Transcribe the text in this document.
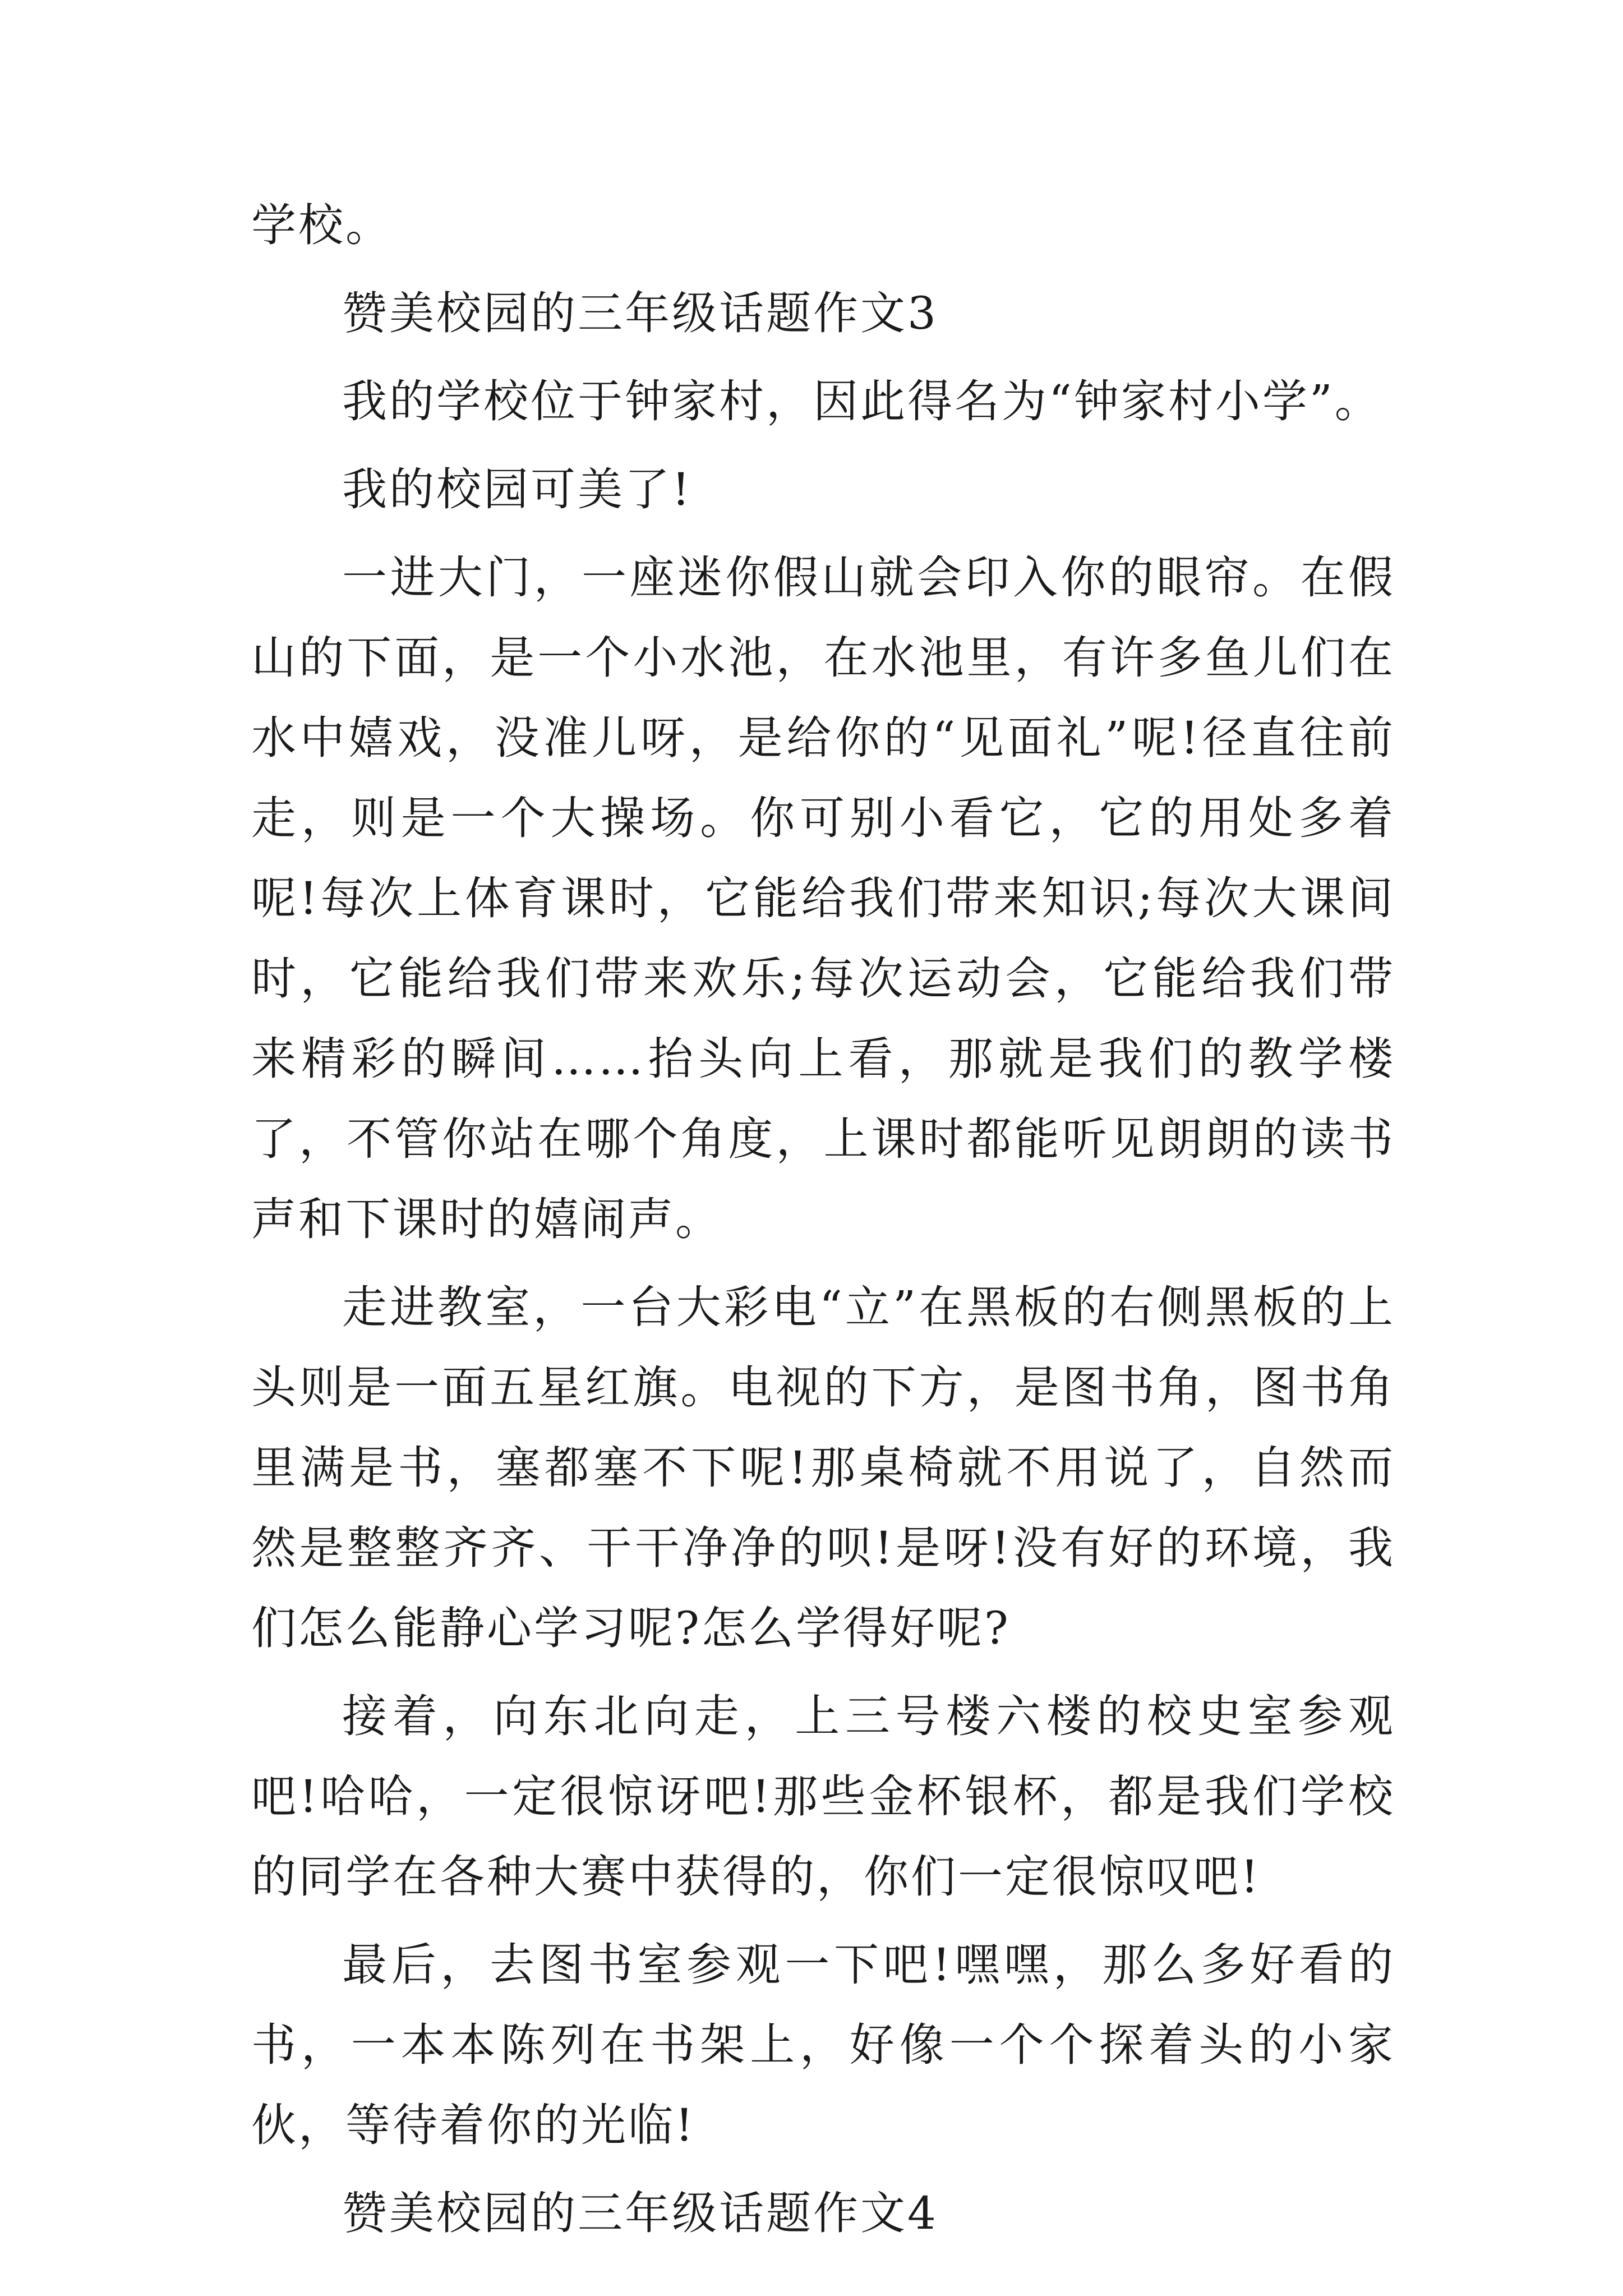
学校。

赞美校园的三年级话题作文3

我的学校位于钟家村，因此得名为“钟家村小学”。

我的校园可美了!

一进大门，一座迷你假山就会印入你的眼帘。在假山的下面，是一个小水池，在水池里，有许多鱼儿们在水中嬉戏，没准儿呀，是给你的“见面礼”呢!径直往前走，则是一个大操场。你可别小看它，它的用处多着呢!每次上体育课时，它能给我们带来知识;每次大课间时，它能给我们带来欢乐;每次运动会，它能给我们带来精彩的瞬间……抬头向上看，那就是我们的教学楼了，不管你站在哪个角度，上课时都能听见朗朗的读书声和下课时的嬉闹声。

走进教室，一台大彩电“立”在黑板的右侧黑板的上头则是一面五星红旗。电视的下方，是图书角，图书角里满是书，塞都塞不下呢!那桌椅就不用说了，自然而然是整整齐齐、干干净净的呗!是呀!没有好的环境，我们怎么能静心学习呢?怎么学得好呢?

接着，向东北向走，上三号楼六楼的校史室参观吧!哈哈，一定很惊讶吧!那些金杯银杯，都是我们学校的同学在各种大赛中获得的，你们一定很惊叹吧!

最后，去图书室参观一下吧!嘿嘿，那么多好看的书，一本本陈列在书架上，好像一个个探着头的小家伙，等待着你的光临!

赞美校园的三年级话题作文4
